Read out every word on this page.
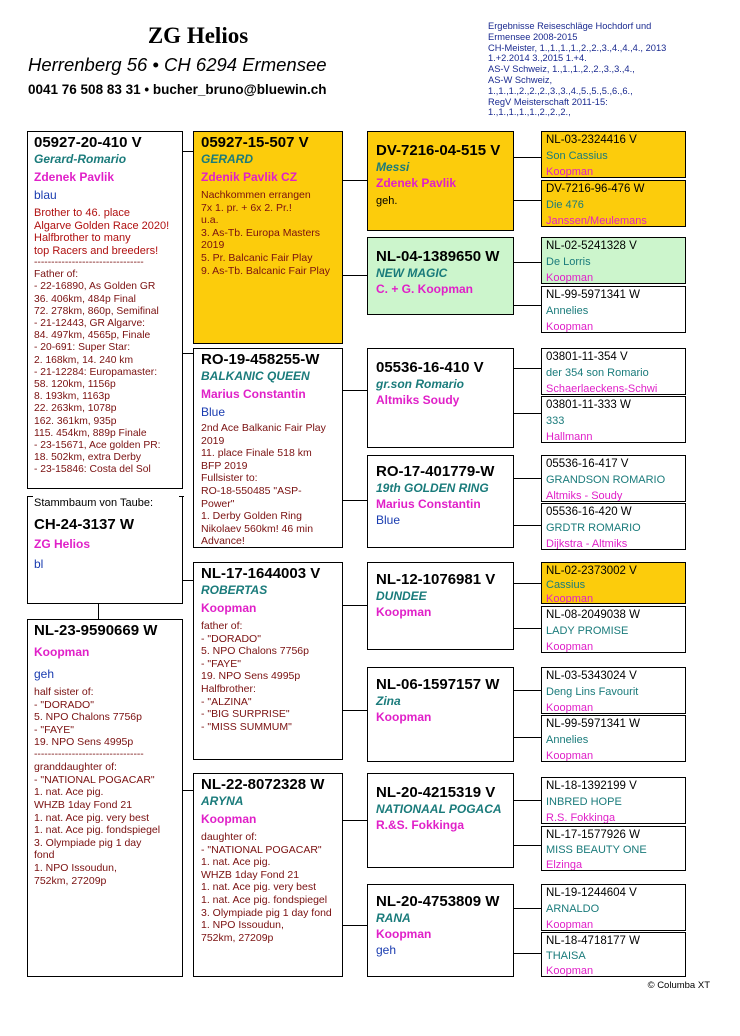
ZG Helios
Herrenberg 56 • CH 6294 Ermensee
0041 76 508 83 31 • bucher_bruno@bluewin.ch
Ergebnisse Reiseschläge Hochdorf und
Ermensee 2008-2015
CH-Meister, 1.,1.,1.,1.,2.,2.,3.,4.,4.,4., 2013
1.+2.2014 3.,2015 1.+4.
AS-V Schweiz, 1.,1.,1.,2.,2.,3.,3.,4.,
AS-W Schweiz,
1.,1.,1.,2.,2.,2.,3.,3.,4.,5.,5.,5.,6.,6.,
RegV Meisterschaft 2011-15:
1.,1.,1.,1.,1.,2.,2.,2.,
05927-20-410 V
Gerard-Romario
Zdenek Pavlik
blau
Brother to 46. place
Algarve Golden Race 2020!
Halfbrother to many
top Racers and breeders!
--------------------------------
Father of:
- 22-16890, As Golden GR
36. 406km, 484p Final
72. 278km, 860p, Semifinal
- 21-12443, GR Algarve:
84. 497km, 4565p, Finale
- 20-691: Super Star:
2. 168km, 14. 240 km
- 21-12284: Europamaster:
58. 120km, 1156p
8. 193km, 1163p
22. 263km, 1078p
162. 361km, 935p
115. 454km, 889p Finale
- 23-15671, Ace golden PR:
18. 502km, extra Derby
- 23-15846: Costa del Sol
Stammbaum von Taube:
CH-24-3137 W
ZG Helios
bl
NL-23-9590669 W
Koopman
geh
half sister of:
- "DORADO"
5. NPO Chalons 7756p
- "FAYE"
19. NPO Sens 4995p
--------------------------------
granddaughter of:
- "NATIONAL POGACAR"
1. nat. Ace pig.
WHZB 1day Fond 21
1. nat. Ace pig. very best
1. nat. Ace pig. fondspiegel
3. Olympiade pig 1 day
fond
1. NPO Issoudun,
752km, 27209p
05927-15-507 V
GERARD
Zdenik Pavlik CZ
Nachkommen errangen
7x 1. pr. + 6x 2. Pr.!
u.a.
3. As-Tb. Europa Masters
2019
5. Pr. Balcanic Fair Play
9. As-Tb. Balcanic Fair Play
RO-19-458255-W
BALKANIC QUEEN
Marius Constantin
Blue
2nd Ace Balkanic Fair Play
2019
11. place Finale 518 km
BFP 2019
Fullsister to:
RO-18-550485 "ASP-
Power"
1. Derby Golden Ring
Nikolaev 560km! 46 min
Advance!
NL-17-1644003 V
ROBERTAS
Koopman
father of:
- "DORADO"
5. NPO Chalons 7756p
- "FAYE"
19. NPO Sens 4995p
Halfbrother:
- "ALZINA"
- "BIG SURPRISE"
- "MISS SUMMUM"
NL-22-8072328 W
ARYNA
Koopman
daughter of:
- "NATIONAL POGACAR"
1. nat. Ace pig.
WHZB 1day Fond 21
1. nat. Ace pig. very best
1. nat. Ace pig. fondspiegel
3. Olympiade pig 1 day fond
1. NPO Issoudun,
752km, 27209p
DV-7216-04-515 V
Messi
Zdenek Pavlik
geh.
NL-04-1389650 W
NEW MAGIC
C. + G. Koopman
05536-16-410 V
gr.son Romario
Altmiks Soudy
RO-17-401779-W
19th GOLDEN RING
Marius Constantin
Blue
NL-12-1076981 V
DUNDEE
Koopman
NL-06-1597157 W
Zina
Koopman
NL-20-4215319 V
NATIONAAL POGACA
R.&S. Fokkinga
NL-20-4753809 W
RANA
Koopman
geh
NL-03-2324416 V
Son Cassius
Koopman
DV-7216-96-476 W
Die 476
Janssen/Meulemans
NL-02-5241328 V
De Lorris
Koopman
NL-99-5971341 W
Annelies
Koopman
03801-11-354 V
der 354 son Romario
Schaerlaeckens-Schwi
03801-11-333 W
333
Hallmann
05536-16-417 V
GRANDSON ROMARIO
Altmiks - Soudy
05536-16-420 W
GRDTR ROMARIO
Dijkstra - Altmiks
NL-02-2373002 V
Cassius
Koopman
NL-08-2049038 W
LADY PROMISE
Koopman
NL-03-5343024 V
Deng Lins Favourit
Koopman
NL-99-5971341 W
Annelies
Koopman
NL-18-1392199 V
INBRED HOPE
R.S. Fokkinga
NL-17-1577926 W
MISS BEAUTY ONE
Elzinga
NL-19-1244604 V
ARNALDO
Koopman
NL-18-4718177 W
THAISA
Koopman
© Columba XT
